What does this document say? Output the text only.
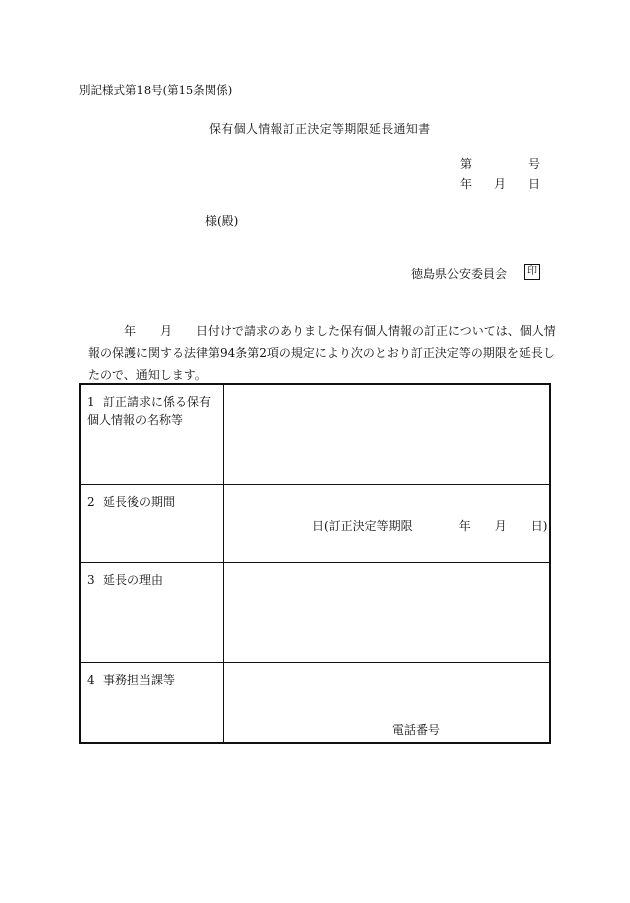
別記様式第18号(第15条関係)
保有個人情報訂正決定等期限延長通知書
第	号
年 月 日
様(殿)
徳島県公安委員会	印
年 月 日付けで請求のありました保有個人情報の訂正については、個人情報の保護に関する法律第94条第2項の規定により次のとおり訂正決定等の期限を延長したので、通知します。
1 訂正請求に係る保有個人情報の名称等	
2 延長後の期間	日(訂正決定等期限 年 月 日)

3 延長の理由	
4 事務担当課等	電話番号
